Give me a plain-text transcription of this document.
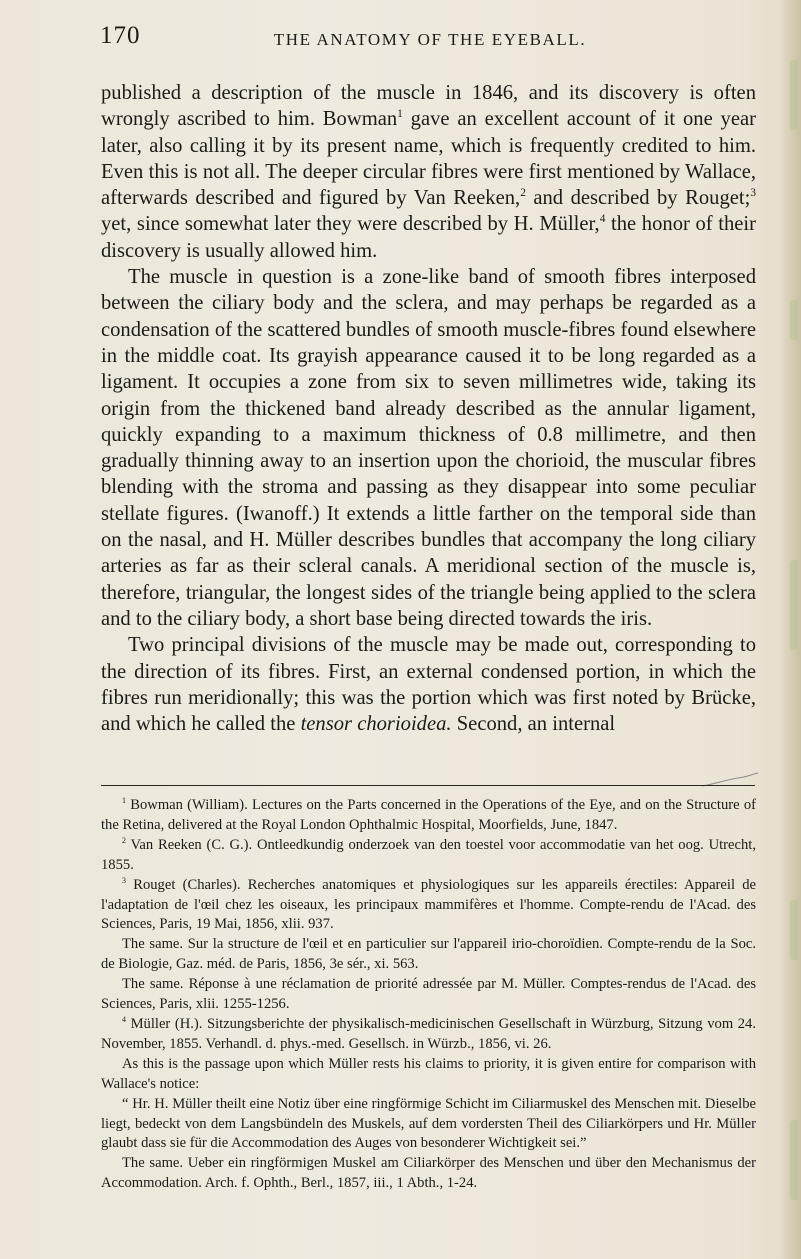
170	THE ANATOMY OF THE EYEBALL.

published a description of the muscle in 1846, and its discovery is often wrongly ascribed to him. Bowman$^1$ gave an excellent account of it one year later, also calling it by its present name, which is frequently credited to him. Even this is not all. The deeper circular fibres were first mentioned by Wallace, afterwards described and figured by Van Reeken,$^2$ and described by Rouget;$^3$ yet, since somewhat later they were described by H. Müller,$^4$ the honor of their discovery is usually allowed him.

The muscle in question is a zone-like band of smooth fibres interposed between the ciliary body and the sclera, and may perhaps be regarded as a condensation of the scattered bundles of smooth muscle-fibres found elsewhere in the middle coat. Its grayish appearance caused it to be long regarded as a ligament. It occupies a zone from six to seven millimetres wide, taking its origin from the thickened band already described as the annular ligament, quickly expanding to a maximum thickness of 0.8 millimetre, and then gradually thinning away to an insertion upon the chorioid, the muscular fibres blending with the stroma and passing as they disappear into some peculiar stellate figures. (Iwanoff.) It extends a little farther on the temporal side than on the nasal, and H. Müller describes bundles that accompany the long ciliary arteries as far as their scleral canals. A meridional section of the muscle is, therefore, triangular, the longest sides of the triangle being applied to the sclera and to the ciliary body, a short base being directed towards the iris.

Two principal divisions of the muscle may be made out, corresponding to the direction of its fibres. First, an external condensed portion, in which the fibres run meridionally; this was the portion which was first noted by Brücke, and which he called the tensor chorioidea. Second, an internal

$^1$ Bowman (William). Lectures on the Parts concerned in the Operations of the Eye, and on the Structure of the Retina, delivered at the Royal London Ophthalmic Hospital, Moorfields, June, 1847.

$^2$ Van Reeken (C. G.). Ontleedkundig onderzoek van den toestel voor accommodatie van het oog. Utrecht, 1855.

$^3$ Rouget (Charles). Recherches anatomiques et physiologiques sur les appareils érectiles: Appareil de l'adaptation de l'œil chez les oiseaux, les principaux mammifères et l'homme. Compte-rendu de l'Acad. des Sciences, Paris, 19 Mai, 1856, xlii. 937.

The same. Sur la structure de l'œil et en particulier sur l'appareil irio-choroïdien. Compte-rendu de la Soc. de Biologie, Gaz. méd. de Paris, 1856, 3e sér., xi. 563.

The same. Réponse à une réclamation de priorité adressée par M. Müller. Comptes-rendus de l'Acad. des Sciences, Paris, xlii. 1255-1256.

$^4$ Müller (H.). Sitzungsberichte der physikalisch-medicinischen Gesellschaft in Würzburg, Sitzung vom 24. November, 1855. Verhandl. d. phys.-med. Gesellsch. in Würzb., 1856, vi. 26.

As this is the passage upon which Müller rests his claims to priority, it is given entire for comparison with Wallace's notice:

“ Hr. H. Müller theilt eine Notiz über eine ringförmige Schicht im Ciliarmuskel des Menschen mit. Dieselbe liegt, bedeckt von dem Langsbündeln des Muskels, auf dem vordersten Theil des Ciliarkörpers und Hr. Müller glaubt dass sie für die Accommodation des Auges von besonderer Wichtigkeit sei.”

The same. Ueber ein ringförmigen Muskel am Ciliarkörper des Menschen und über den Mechanismus der Accommodation. Arch. f. Ophth., Berl., 1857, iii., 1 Abth., 1-24.
